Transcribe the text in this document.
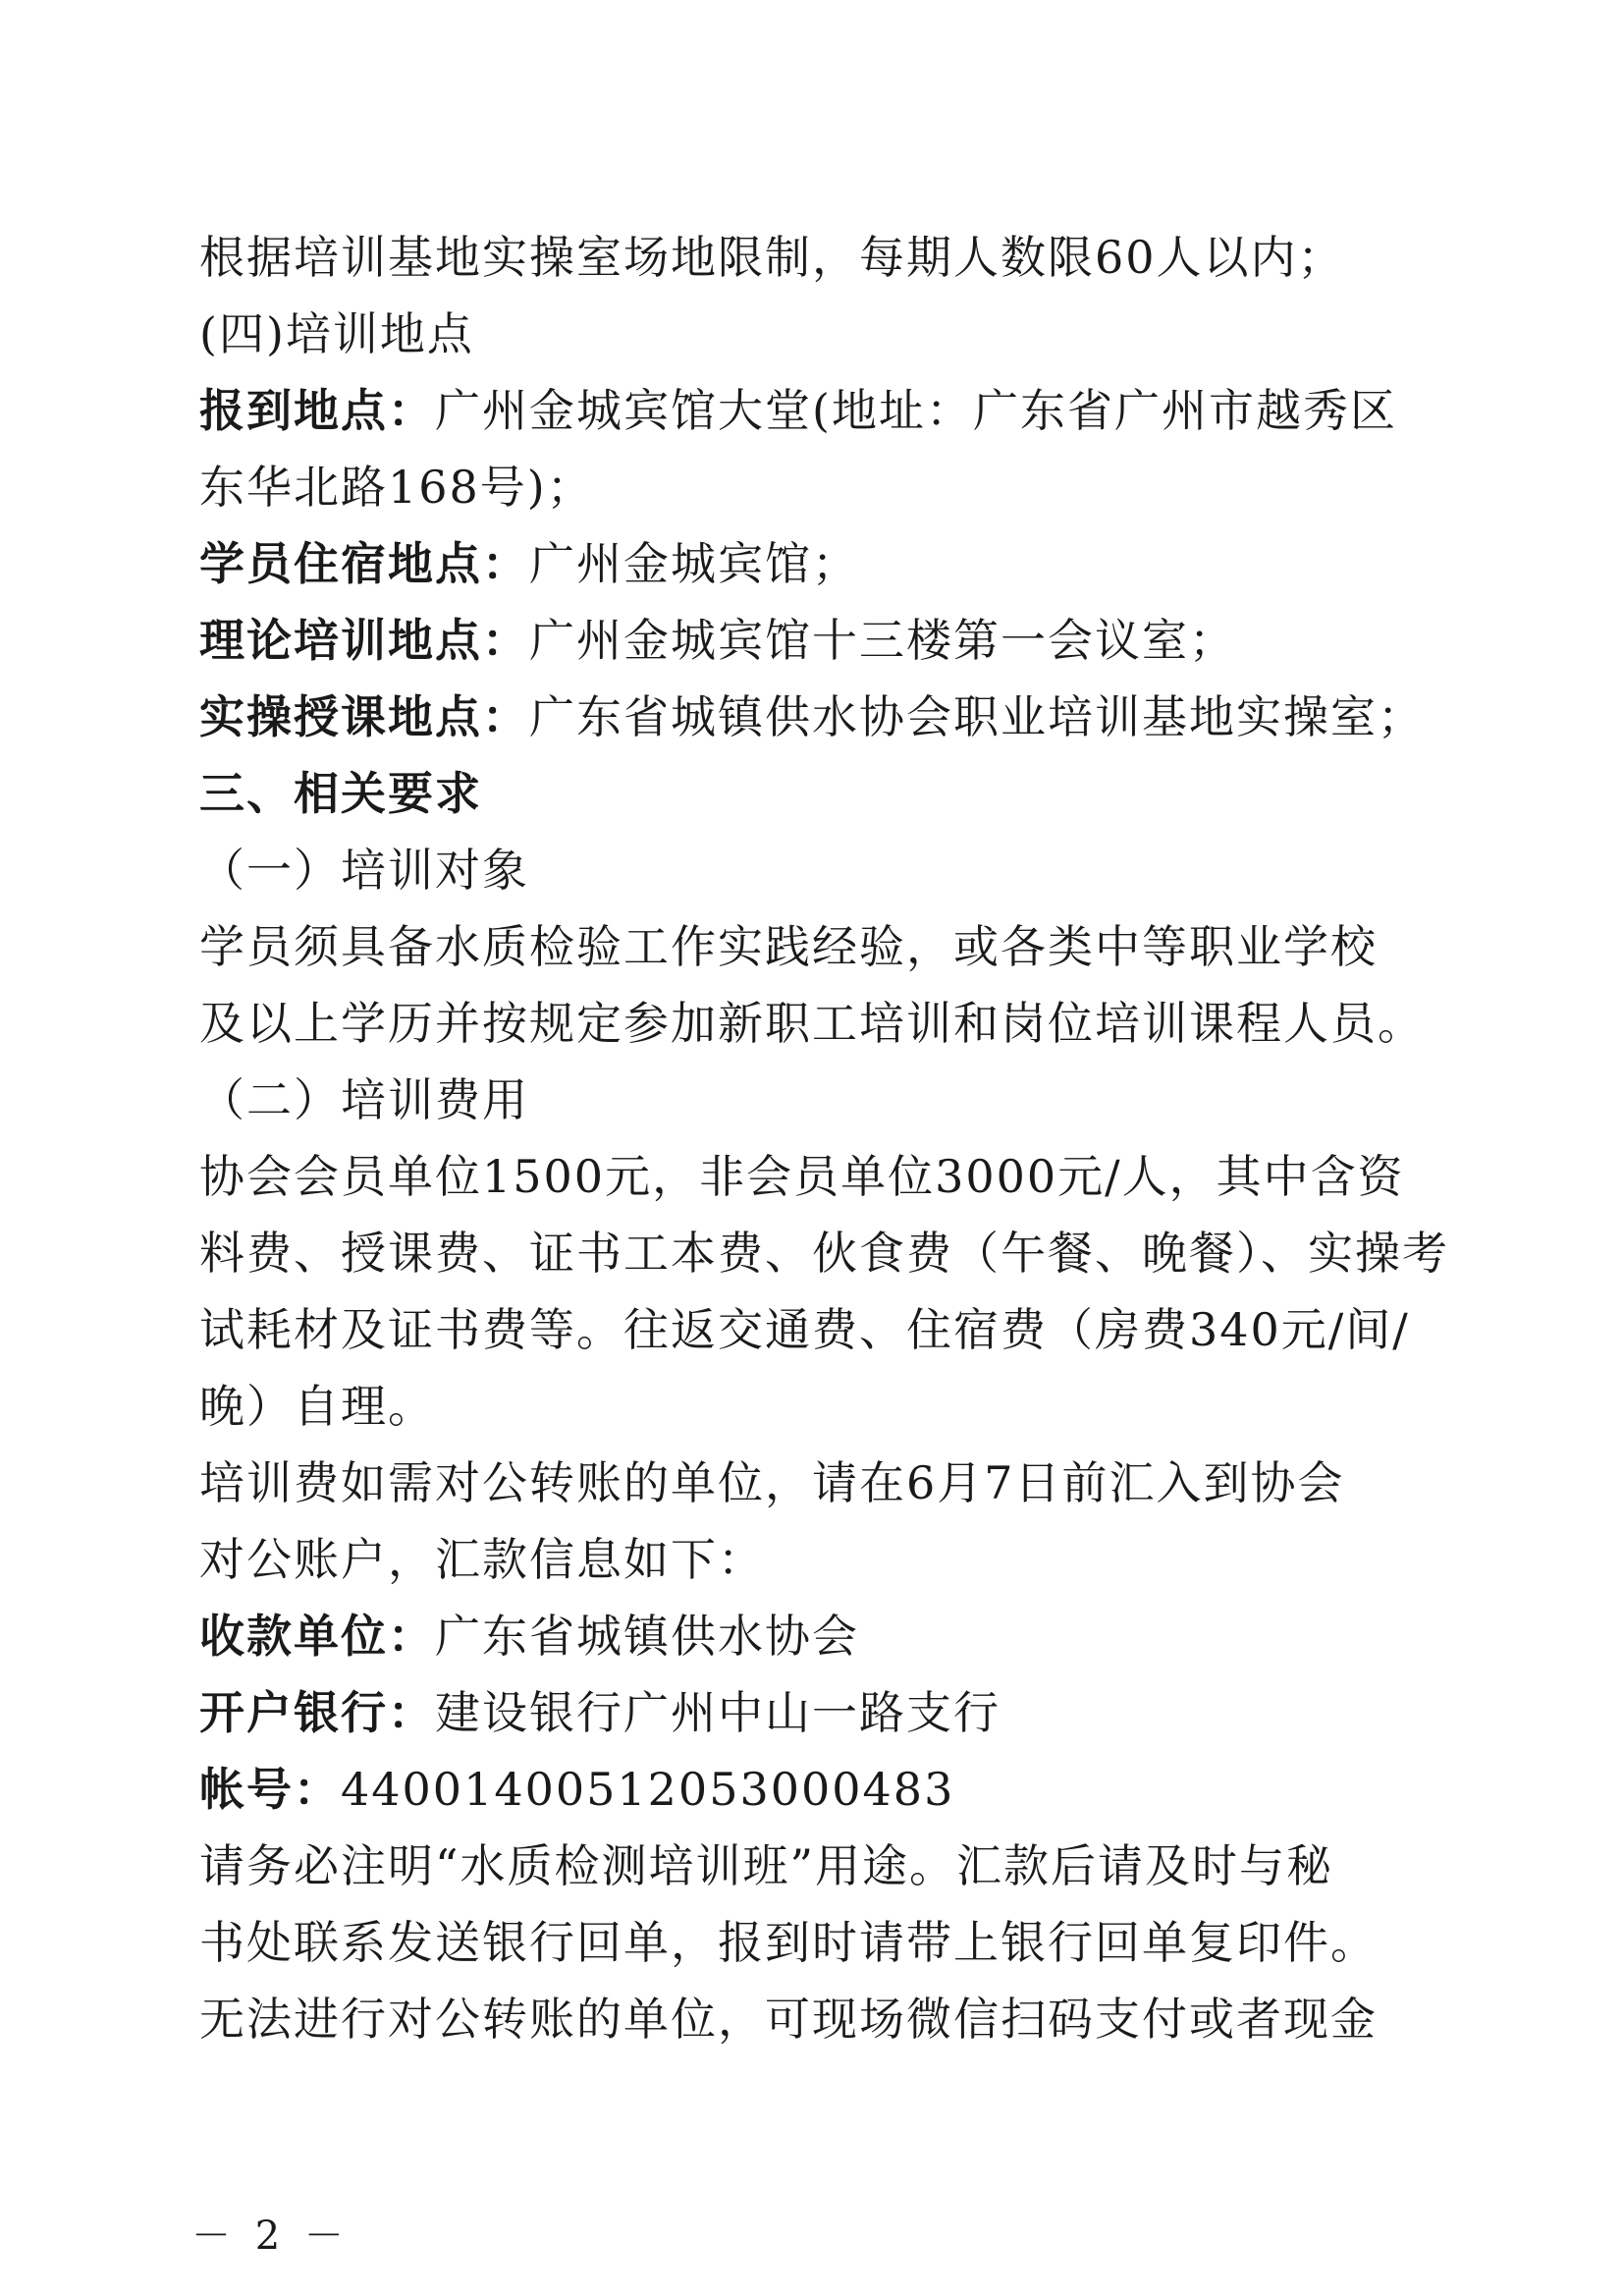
根据培训基地实操室场地限制，每期人数限60人以内；
(四)培训地点
报到地点：广州金城宾馆大堂(地址：广东省广州市越秀区
东华北路168号)；
学员住宿地点：广州金城宾馆；
理论培训地点：广州金城宾馆十三楼第一会议室；
实操授课地点：广东省城镇供水协会职业培训基地实操室；
三、相关要求
（一）培训对象
学员须具备水质检验工作实践经验，或各类中等职业学校
及以上学历并按规定参加新职工培训和岗位培训课程人员。
（二）培训费用
协会会员单位1500元，非会员单位3000元/人，其中含资
料费、授课费、证书工本费、伙食费（午餐、晚餐）、实操考
试耗材及证书费等。往返交通费、住宿费（房费340元/间/
晚）自理。
培训费如需对公转账的单位，请在6月7日前汇入到协会
对公账户，汇款信息如下：
收款单位：广东省城镇供水协会
开户银行：建设银行广州中山一路支行
帐号：44001400512053000483
请务必注明“水质检测培训班”用途。汇款后请及时与秘
书处联系发送银行回单，报到时请带上银行回单复印件。
无法进行对公转账的单位，可现场微信扫码支付或者现金
－ 2 －
